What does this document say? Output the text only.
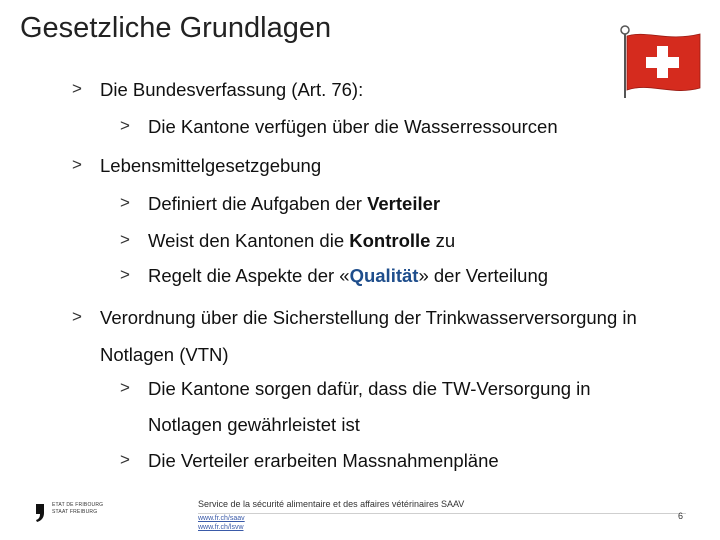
Gesetzliche Grundlagen
> Die Bundesverfassung (Art. 76):
> Die Kantone verfügen über die Wasserressourcen
> Lebensmittelgesetzgebung
> Definiert die Aufgaben der Verteiler
> Weist den Kantonen die Kontrolle zu
> Regelt die Aspekte der «Qualität» der Verteilung
> Verordnung über die Sicherstellung der Trinkwasserversorgung in
Notlagen (VTN)
> Die Kantone sorgen dafür, dass die TW-Versorgung in
Notlagen gewährleistet ist
> Die Verteiler erarbeiten Massnahmenpläne
ETAT DE FRIBOURG
STAAT FREIBURG
Service de la sécurité alimentaire et des affaires vétérinaires SAAV
www.fr.ch/saav
www.fr.ch/lsvw
6
